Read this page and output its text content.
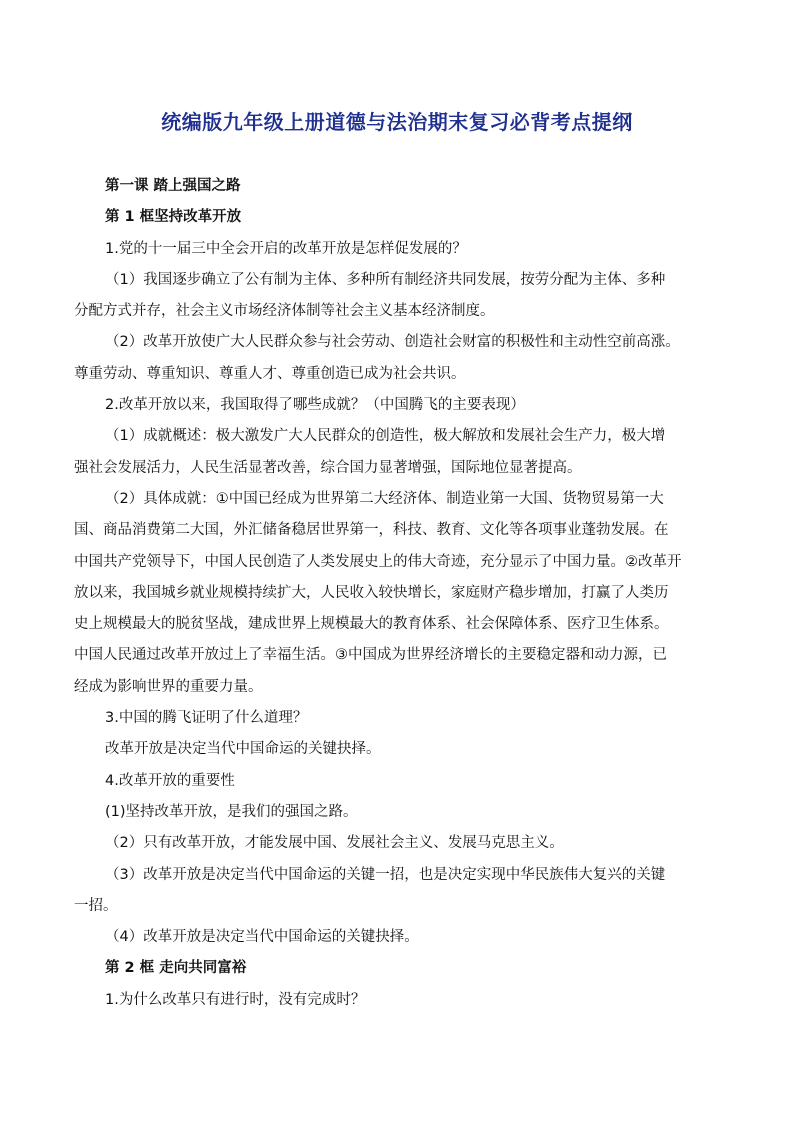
统编版九年级上册道德与法治期末复习必背考点提纲
第一课 踏上强国之路
第 1 框坚持改革开放
1.党的十一届三中全会开启的改革开放是怎样促发展的？
（1）我国逐步确立了公有制为主体、多种所有制经济共同发展，按劳分配为主体、多种
分配方式并存，社会主义市场经济体制等社会主义基本经济制度。
（2）改革开放使广大人民群众参与社会劳动、创造社会财富的积极性和主动性空前高涨。
尊重劳动、尊重知识、尊重人才、尊重创造已成为社会共识。
2.改革开放以来，我国取得了哪些成就？（中国腾飞的主要表现）
（1）成就概述：极大激发广大人民群众的创造性，极大解放和发展社会生产力，极大增
强社会发展活力，人民生活显著改善，综合国力显著增强，国际地位显著提高。
（2）具体成就：①中国已经成为世界第二大经济体、制造业第一大国、货物贸易第一大
国、商品消费第二大国，外汇储备稳居世界第一，科技、教育、文化等各项事业蓬勃发展。在
中国共产党领导下，中国人民创造了人类发展史上的伟大奇迹，充分显示了中国力量。②改革开
放以来，我国城乡就业规模持续扩大，人民收入较快增长，家庭财产稳步增加，打赢了人类历
史上规模最大的脱贫坚战，建成世界上规模最大的教育体系、社会保障体系、医疗卫生体系。
中国人民通过改革开放过上了幸福生活。③中国成为世界经济增长的主要稳定器和动力源，已
经成为影响世界的重要力量。
3.中国的腾飞证明了什么道理？
改革开放是决定当代中国命运的关键抉择。
4.改革开放的重要性
(1)坚持改革开放，是我们的强国之路。
（2）只有改革开放，才能发展中国、发展社会主义、发展马克思主义。
（3）改革开放是决定当代中国命运的关键一招，也是决定实现中华民族伟大复兴的关键
一招。
（4）改革开放是决定当代中国命运的关键抉择。
第 2 框 走向共同富裕
1.为什么改革只有进行时，没有完成时？
